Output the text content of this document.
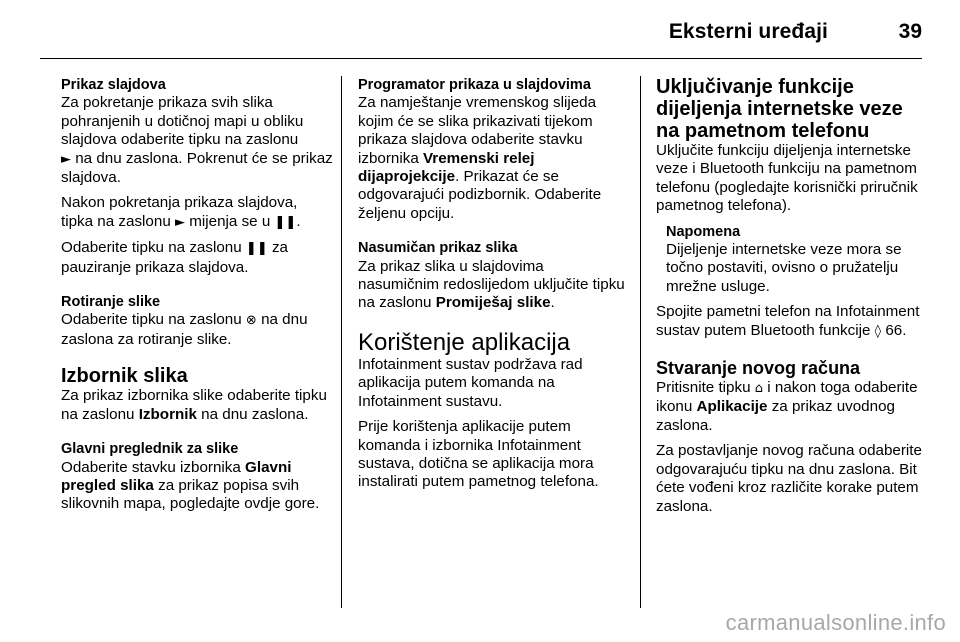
Eksterni uređaji	39

Prikaz slajdova

Za pokretanje prikaza svih slika pohranjenih u dotičnoj mapi u obliku slajdova odaberite tipku na zaslonu
► na dnu zaslona. Pokrenut će se prikaz slajdova.

Nakon pokretanja prikaza slajdova, tipka na zaslonu ► mijenja se u ❚❚.

Odaberite tipku na zaslonu ❚❚ za pauziranje prikaza slajdova.

Rotiranje slike

Odaberite tipku na zaslonu ⊗ na dnu zaslona za rotiranje slike.

Izbornik slika

Za prikaz izbornika slike odaberite tipku na zaslonu Izbornik na dnu zaslona.

Glavni preglednik za slike

Odaberite stavku izbornika Glavni pregled slika za prikaz popisa svih slikovnih mapa, pogledajte ovdje gore.

Programator prikaza u slajdovima

Za namještanje vremenskog slijeda kojim će se slika prikazivati tijekom prikaza slajdova odaberite stavku izbornika Vremenski relej dijaprojekcije. Prikazat će se odgovarajući podizbornik. Odaberite željenu opciju.

Nasumičan prikaz slika

Za prikaz slika u slajdovima nasumičnim redoslijedom uključite tipku na zaslonu Promiješaj slike.

Korištenje aplikacija

Infotainment sustav podržava rad aplikacija putem komanda na Infotainment sustavu.

Prije korištenja aplikacije putem komanda i izbornika Infotainment sustava, dotična se aplikacija mora instalirati putem pametnog telefona.

Uključivanje funkcije dijeljenja internetske veze na pametnom telefonu

Uključite funkciju dijeljenja internetske veze i Bluetooth funkciju na pametnom telefonu (pogledajte korisnički priručnik pametnog telefona).

Napomena

Dijeljenje internetske veze mora se točno postaviti, ovisno o pružatelju mrežne usluge.

Spojite pametni telefon na Infotainment sustav putem Bluetooth funkcije ◊ 66.

Stvaranje novog računa

Pritisnite tipku ⌂ i nakon toga odaberite ikonu Aplikacije za prikaz uvodnog zaslona.

Za postavljanje novog računa odaberite odgovarajuću tipku na dnu zaslona. Bit ćete vođeni kroz različite korake putem zaslona.

carmanualsonline.info
